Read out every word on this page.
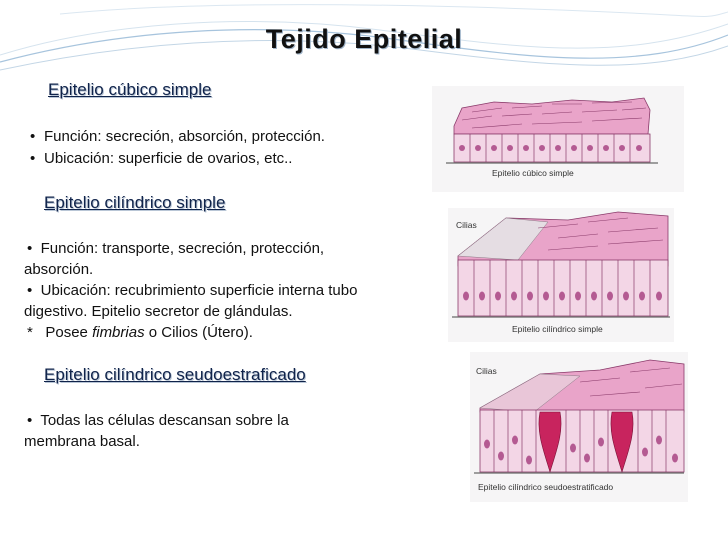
Tejido Epitelial
Epitelio cúbico simple
• Función: secreción, absorción, protección.
• Ubicación: superficie de ovarios, etc..
Epitelio cilíndrico simple
• Función: transporte, secreción, protección,
absorción.
• Ubicación: recubrimiento superficie interna tubo
digestivo. Epitelio secretor de glándulas.
* Posee fimbrias o Cilios (Útero).
Epitelio cilíndrico seudoestraficado
• Todas las células descansan sobre la
membrana basal.
Epitelio cúbico simple
Cilias
Epitelio cilíndrico simple
Cilias
Epitelio cilíndrico seudoestratificado
